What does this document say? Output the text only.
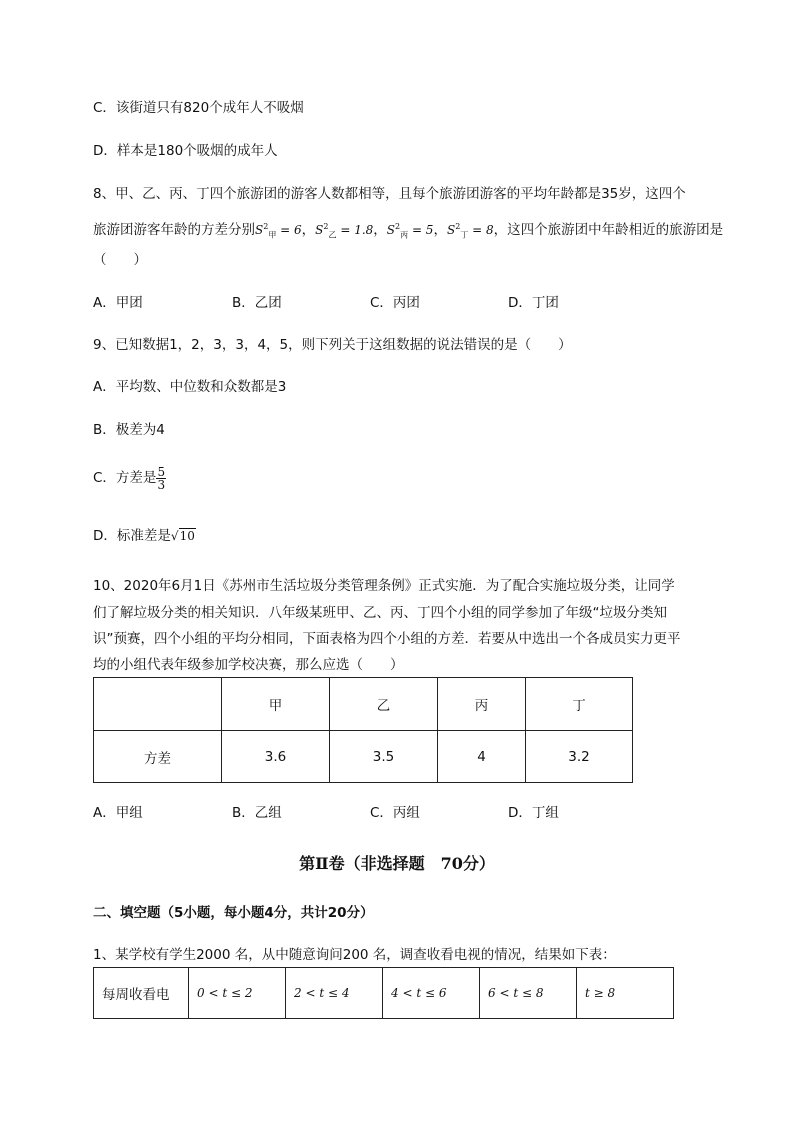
C．该街道只有820个成年人不吸烟
D．样本是180个吸烟的成年人
8、甲、乙、丙、丁四个旅游团的游客人数都相等，且每个旅游团游客的平均年龄都是35岁，这四个
旅游团游客年龄的方差分别$S^2_甲 = 6$，$S^2_乙 = 1.8$，$S^2_丙 = 5$，$S^2_丁 = 8$，这四个旅游团中年龄相近的旅游团是
（　　）
A．甲团	B．乙团	C．丙团	D．丁团
9、已知数据1，2，3，3，4，5，则下列关于这组数据的说法错误的是（　　）
A．平均数、中位数和众数都是3
B．极差为4
C．方差是 $\frac{5}{3}$
D．标准差是√10
10、2020年6月1日《苏州市生活垃圾分类管理条例》正式实施．为了配合实施垃圾分类，让同学
们了解垃圾分类的相关知识．八年级某班甲、乙、丙、丁四个小组的同学参加了年级“垃圾分类知
识”预赛，四个小组的平均分相同，下面表格为四个小组的方差．若要从中选出一个各成员实力更平
均的小组代表年级参加学校决赛，那么应选（　　）
	甲	乙	丙	丁
方差	3.6	3.5	4	3.2
A．甲组	B．乙组	C．丙组	D．丁组
第Ⅱ卷（非选择题　70分）
二、填空题（5小题，每小题4分，共计20分）
1、某学校有学生2000 名，从中随意询问200 名，调查收看电视的情况，结果如下表：
每周收看电	0 < t ≤ 2	2 < t ≤ 4	4 < t ≤ 6	6 < t ≤ 8	t ≥ 8
